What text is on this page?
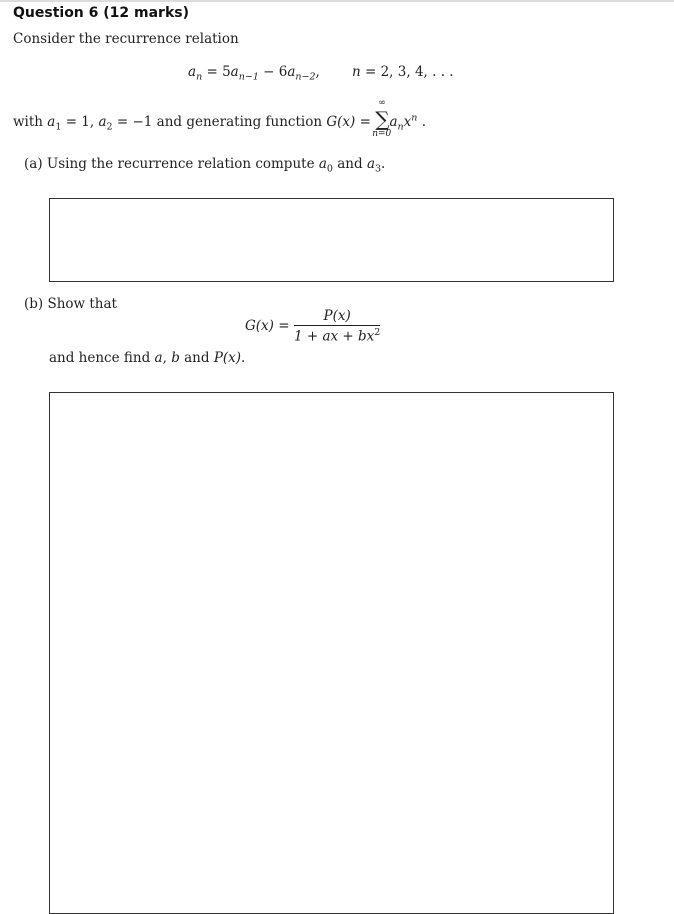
Question 6 (12 marks)
Consider the recurrence relation
$a_n = 5a_{n-1} - 6a_{n-2}$, n = 2, 3, 4, . . .
with $a_1 = 1$, $a_2 = -1$ and generating function G(x) = ∑
∞
n=0
$a_nx^n$ .
(a) Using the recurrence relation compute $a_0$ and $a_3$.
(b) Show that
$G(x) = \frac{P(x)}{1 + ax + bx^2}$
and hence find a, b and P(x).
